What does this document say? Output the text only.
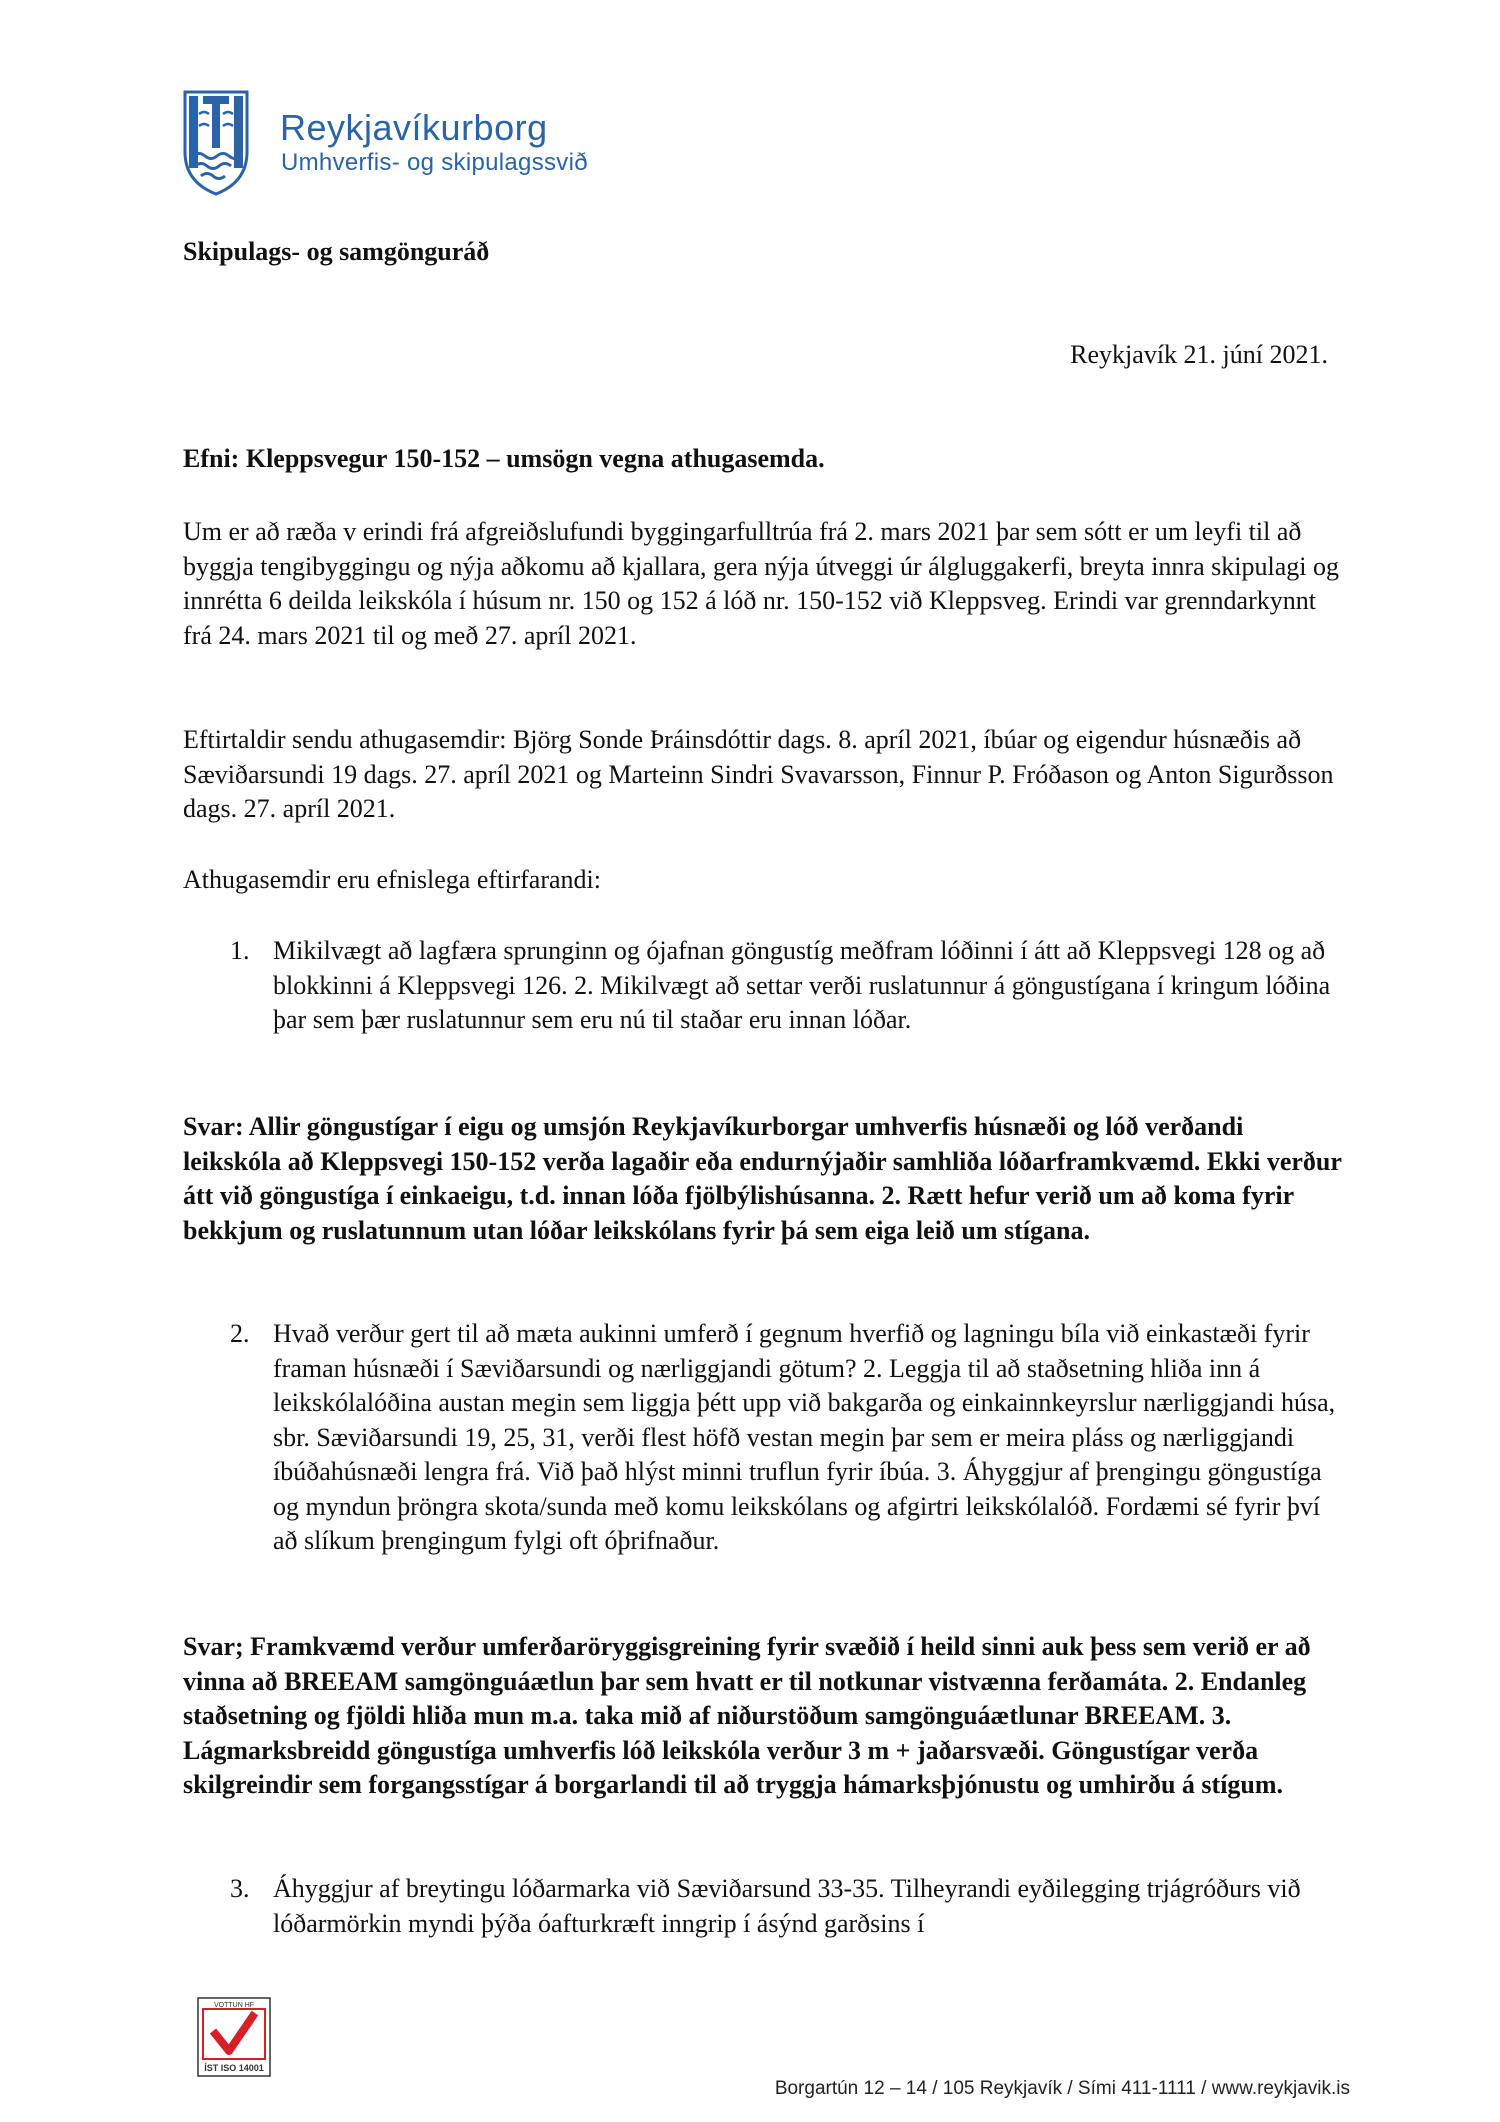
Reykjavíkurborg
Umhverfis- og skipulagssvið
Skipulags- og samgönguráð
Reykjavík 21. júní 2021.
Efni: Kleppsvegur 150-152 – umsögn vegna athugasemda.
Um er að ræða v erindi frá afgreiðslufundi byggingarfulltrúa frá 2. mars 2021 þar sem sótt er um leyfi til að byggja tengibyggingu og nýja aðkomu að kjallara, gera nýja útveggi úr álgluggakerfi, breyta innra skipulagi og innrétta 6 deilda leikskóla í húsum nr. 150 og 152 á lóð nr. 150-152 við Kleppsveg. Erindi var grenndarkynnt frá 24. mars 2021 til og með 27. apríl 2021.
Eftirtaldir sendu athugasemdir: Björg Sonde Þráinsdóttir dags. 8. apríl 2021, íbúar og eigendur húsnæðis að Sæviðarsundi 19 dags. 27. apríl 2021 og Marteinn Sindri Svavarsson, Finnur P. Fróðason og Anton Sigurðsson dags. 27. apríl 2021.
Athugasemdir eru efnislega eftirfarandi:
1. Mikilvægt að lagfæra sprunginn og ójafnan göngustíg meðfram lóðinni í átt að Kleppsvegi 128 og að blokkinni á Kleppsvegi 126. 2. Mikilvægt að settar verði ruslatunnur á göngustígana í kringum lóðina þar sem þær ruslatunnur sem eru nú til staðar eru innan lóðar.
Svar: Allir göngustígar í eigu og umsjón Reykjavíkurborgar umhverfis húsnæði og lóð verðandi leikskóla að Kleppsvegi 150-152 verða lagaðir eða endurnýjaðir samhliða lóðarframkvæmd. Ekki verður átt við göngustíga í einkaeigu, t.d. innan lóða fjölbýlishúsanna. 2. Rætt hefur verið um að koma fyrir bekkjum og ruslatunnum utan lóðar leikskólans fyrir þá sem eiga leið um stígana.
2. Hvað verður gert til að mæta aukinni umferð í gegnum hverfið og lagningu bíla við einkastæði fyrir framan húsnæði í Sæviðarsundi og nærliggjandi götum? 2. Leggja til að staðsetning hliða inn á leikskólalóðina austan megin sem liggja þétt upp við bakgarða og einkainnkeyrslur nærliggjandi húsa, sbr. Sæviðarsundi 19, 25, 31, verði flest höfð vestan megin þar sem er meira pláss og nærliggjandi íbúðahúsnæði lengra frá. Við það hlýst minni truflun fyrir íbúa. 3. Áhyggjur af þrengingu göngustíga og myndun þröngra skota/sunda með komu leikskólans og afgirtri leikskólalóð. Fordæmi sé fyrir því að slíkum þrengingum fylgi oft óþrifnaður.
Svar; Framkvæmd verður umferðaröryggisgreining fyrir svæðið í heild sinni auk þess sem verið er að vinna að BREEAM samgönguáætlun þar sem hvatt er til notkunar vistvænna ferðamáta. 2. Endanleg staðsetning og fjöldi hliða mun m.a. taka mið af niðurstöðum samgönguáætlunar BREEAM. 3. Lágmarksbreidd göngustíga umhverfis lóð leikskóla verður 3 m + jaðarsvæði. Göngustígar verða skilgreindir sem forgangsstígar á borgarlandi til að tryggja hámarksþjónustu og umhirðu á stígum.
3. Áhyggjur af breytingu lóðarmarka við Sæviðarsund 33-35. Tilheyrandi eyðilegging trjágróðurs við lóðarmörkin myndi þýða óafturkræft inngrip í ásýnd garðsins í
VOTTUN HF
ÍST ISO 14001
Borgartún 12 – 14 / 105 Reykjavík / Sími 411-1111 / www.reykjavik.is
